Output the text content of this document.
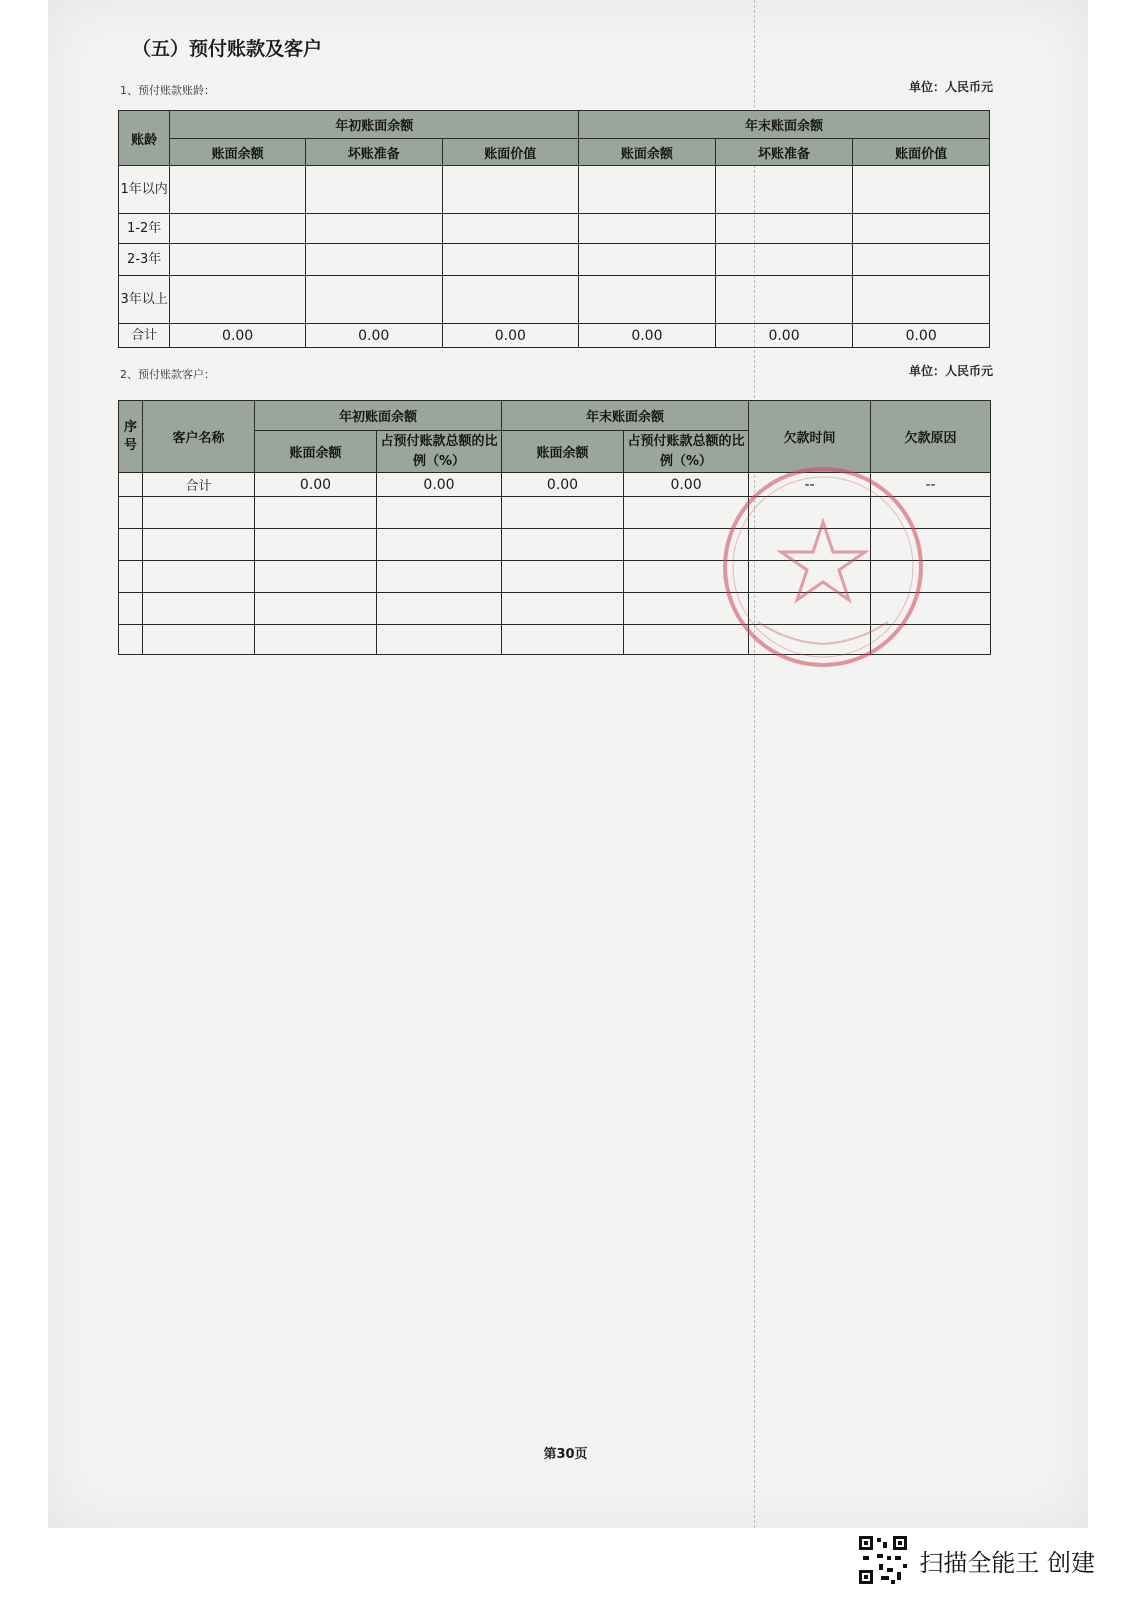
（五）预付账款及客户
1、预付账款账龄：	单位：人民币元
账龄	年初账面余额			年末账面余额		
	账面余额	坏账准备	账面价值	账面余额	坏账准备	账面价值
1年以内						
1-2年						
2-3年						
3年以上						
合计	0.00	0.00	0.00	0.00	0.00	0.00
2、预付账款客户：	单位：人民币元
序号	客户名称	年初账面余额		年末账面余额		欠款时间	欠款原因
		账面余额	占预付账款总额的比例（%）	账面余额	占预付账款总额的比例（%）		
	合计	0.00	0.00	0.00	0.00	--	--

第30页
扫描全能王 创建
